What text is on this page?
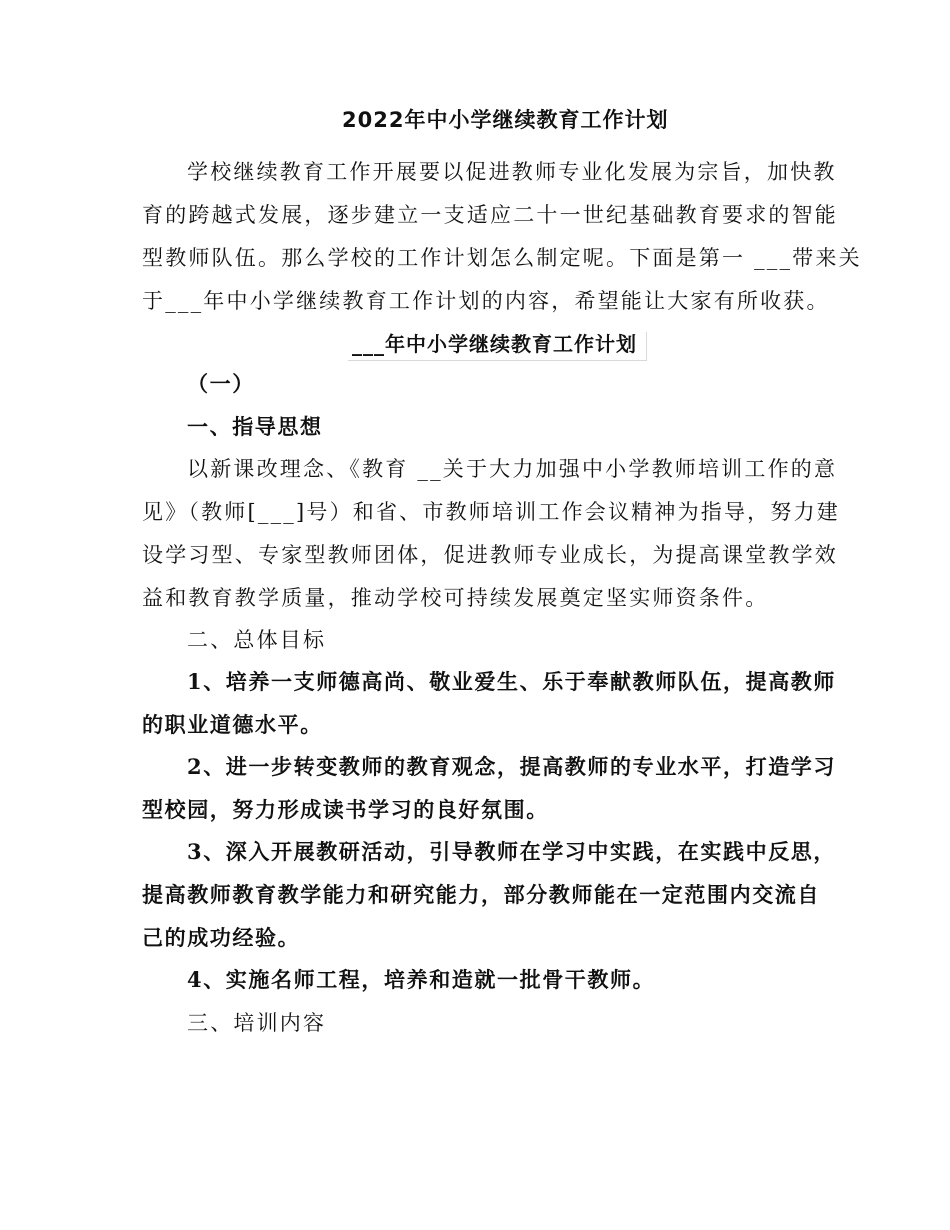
2022年中小学继续教育工作计划
学校继续教育工作开展要以促进教师专业化发展为宗旨，加快教
育的跨越式发展，逐步建立一支适应二十一世纪基础教育要求的智能
型教师队伍。那么学校的工作计划怎么制定呢。下面是第一 ___带来关
于___年中小学继续教育工作计划的内容，希望能让大家有所收获。
___年中小学继续教育工作计划
（一）
一、指导思想
以新课改理念、《教育 __关于大力加强中小学教师培训工作的意
见》（教师[___]号）和省、市教师培训工作会议精神为指导，努力建
设学习型、专家型教师团体，促进教师专业成长，为提高课堂教学效
益和教育教学质量，推动学校可持续发展奠定坚实师资条件。
二、总体目标
1、培养一支师德高尚、敬业爱生、乐于奉献教师队伍，提高教师
的职业道德水平。
2、进一步转变教师的教育观念，提高教师的专业水平，打造学习
型校园，努力形成读书学习的良好氛围。
3、深入开展教研活动，引导教师在学习中实践，在实践中反思，
提高教师教育教学能力和研究能力，部分教师能在一定范围内交流自
己的成功经验。
4、实施名师工程，培养和造就一批骨干教师。
三、培训内容
